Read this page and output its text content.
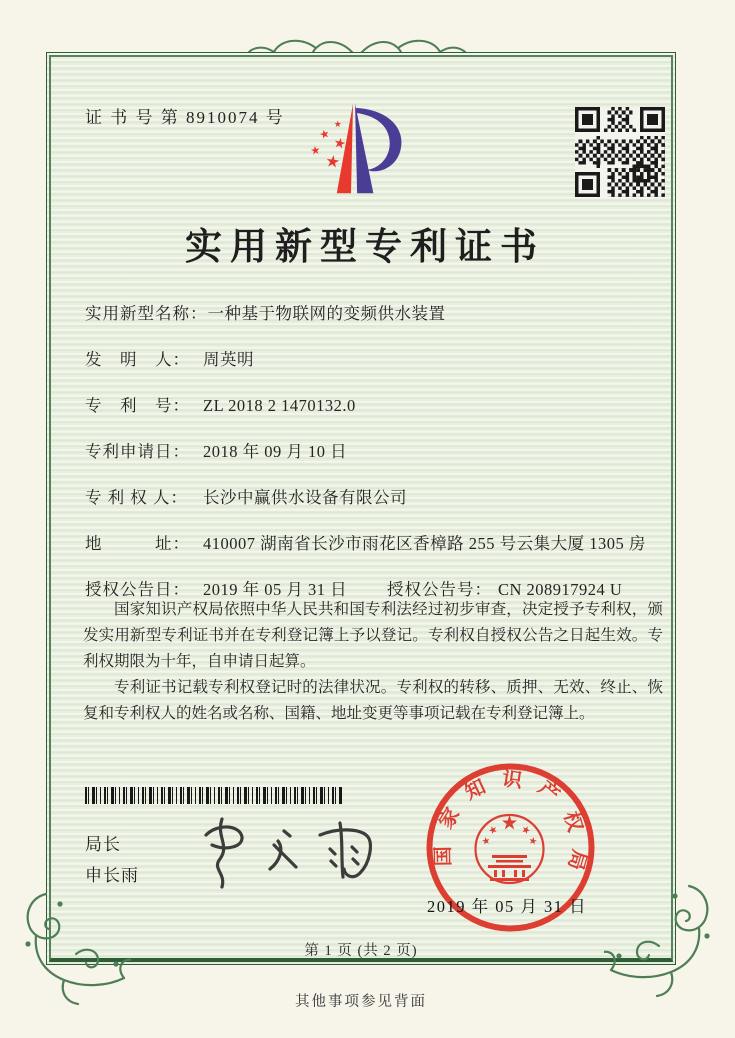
证 书 号 第 8910074 号
实用新型专利证书
实用新型名称： 一种基于物联网的变频供水装置
发　明　人： 周英明
专　利　号： ZL 2018 2 1470132.0
专利申请日： 2018 年 09 月 10 日
专 利 权 人： 长沙中赢供水设备有限公司
地　　　址： 410007 湖南省长沙市雨花区香樟路 255 号云集大厦 1305 房
授权公告日： 2019 年 05 月 31 日 授权公告号： CN 208917924 U

国家知识产权局依照中华人民共和国专利法经过初步审查，决定授予专利权，颁发实用新型专利证书并在专利登记簿上予以登记。专利权自授权公告之日起生效。专利权期限为十年，自申请日起算。

专利证书记载专利权登记时的法律状况。专利权的转移、质押、无效、终止、恢复和专利权人的姓名或名称、国籍、地址变更等事项记载在专利登记簿上。

局长
申长雨
国家知识产权局
2019 年 05 月 31 日
第 1 页 (共 2 页)
其他事项参见背面
